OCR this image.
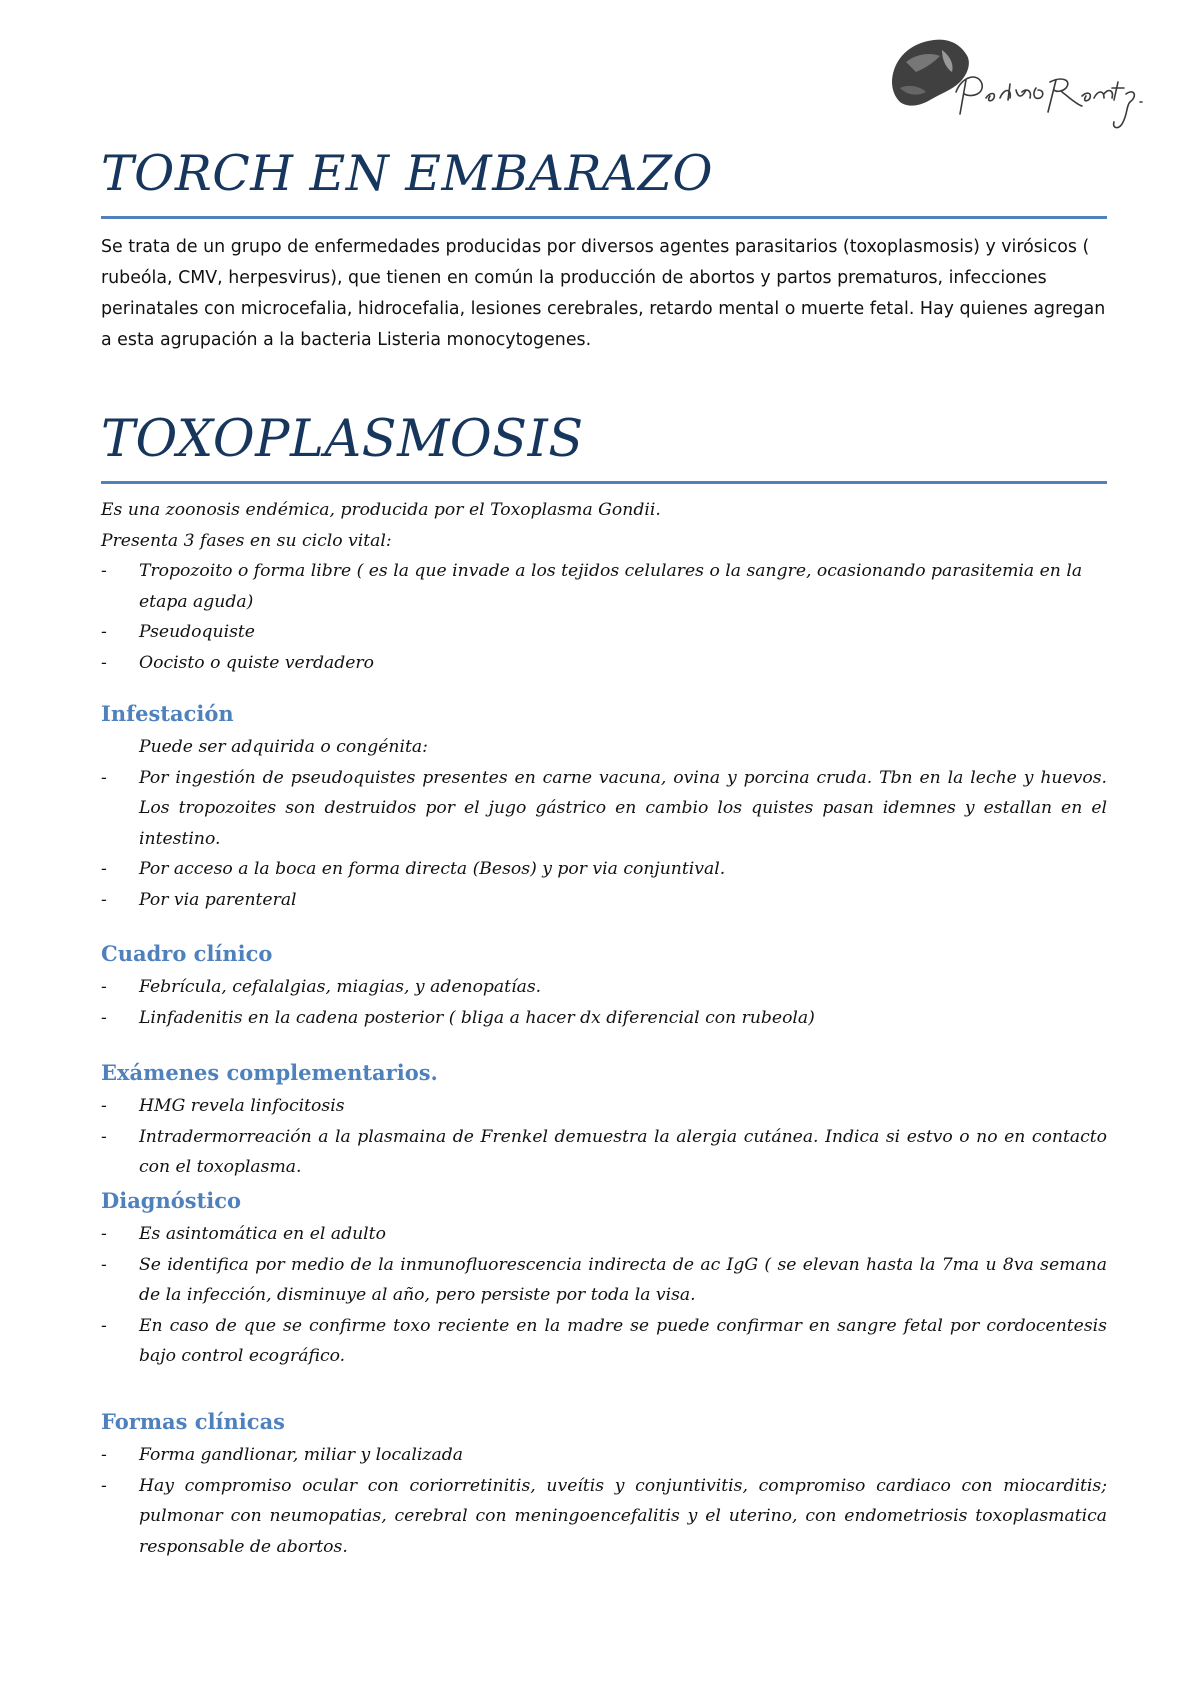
TORCH EN EMBARAZO

Se trata de un grupo de enfermedades producidas por diversos agentes parasitarios (toxoplasmosis) y virósicos ( rubeóla, CMV, herpesvirus), que tienen en común la producción de abortos y partos prematuros, infecciones perinatales con microcefalia, hidrocefalia, lesiones cerebrales, retardo mental o muerte fetal. Hay quienes agregan a esta agrupación a la bacteria Listeria monocytogenes.

TOXOPLASMOSIS

Es una zoonosis endémica, producida por el Toxoplasma Gondii.

Presenta 3 fases en su ciclo vital:

- Tropozoito o forma libre ( es la que invade a los tejidos celulares o la sangre, ocasionando parasitemia en la etapa aguda)
- Pseudoquiste
- Oocisto o quiste verdadero
Infestación

Puede ser adquirida o congénita:

- Por ingestión de pseudoquistes presentes en carne vacuna, ovina y porcina cruda. Tbn en la leche y huevos. Los tropozoites son destruidos por el jugo gástrico en cambio los quistes pasan idemnes y estallan en el intestino.
- Por acceso a la boca en forma directa (Besos) y por via conjuntival.
- Por via parenteral
Cuadro clínico
- Febrícula, cefalalgias, miagias, y adenopatías.
- Linfadenitis en la cadena posterior ( bliga a hacer dx diferencial con rubeola)
Exámenes complementarios.
- HMG revela linfocitosis
- Intradermorreación a la plasmaina de Frenkel demuestra la alergia cutánea. Indica si estvo o no en contacto con el toxoplasma.
Diagnóstico
- Es asintomática en el adulto
- Se identifica por medio de la inmunofluorescencia indirecta de ac IgG ( se elevan hasta la 7ma u 8va semana de la infección, disminuye al año, pero persiste por toda la visa.
- En caso de que se confirme toxo reciente en la madre se puede confirmar en sangre fetal por cordocentesis bajo control ecográfico.
Formas clínicas
- Forma gandlionar, miliar y localizada
- Hay compromiso ocular con coriorretinitis, uveítis y conjuntivitis, compromiso cardiaco con miocarditis; pulmonar con neumopatias, cerebral con meningoencefalitis y el uterino, con endometriosis toxoplasmatica responsable de abortos.
